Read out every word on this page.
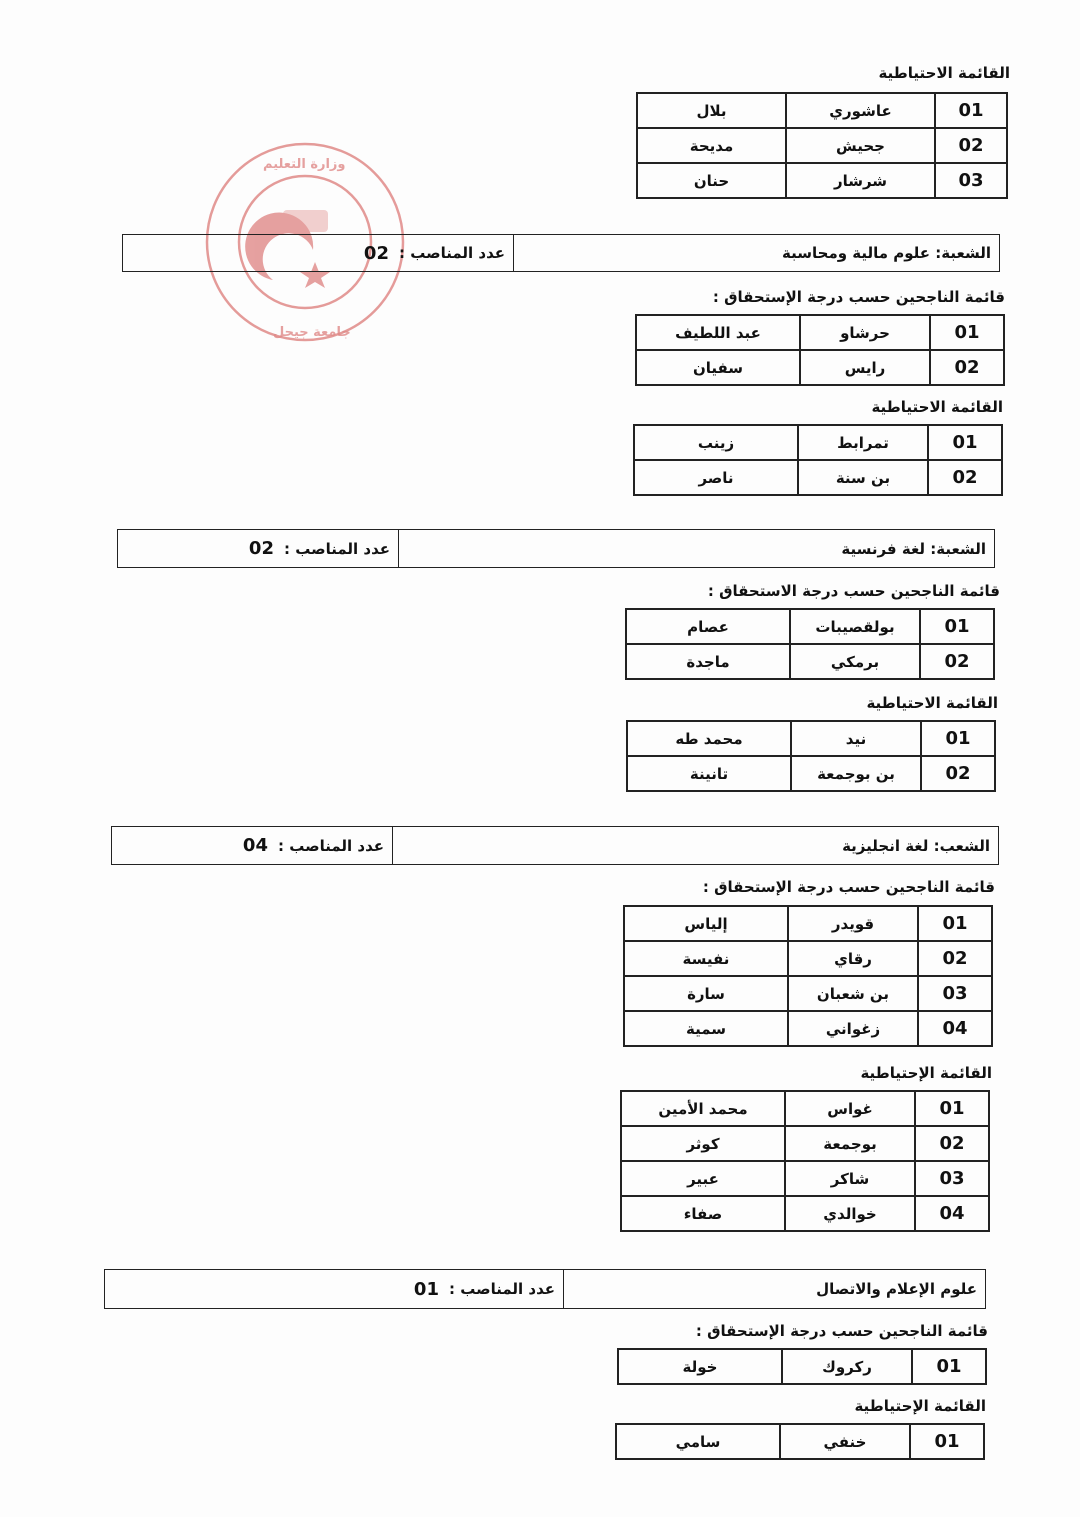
وزارة التعليم
جامعة جيجل
القائمة الاحتياطية
01	عاشوري	بلال
02	جحيش	مديحة
03	شرشار	حنان
الشعبة: علوم مالية ومحاسبة
عدد المناصب :
02
قائمة الناجحين حسب درجة الإستحقاق :
01	حرشاو	عبد اللطيف
02	رايس	سفيان
القائمة الاحتياطية
01	تمرابط	زينب
02	بن سنة	ناصر
الشعبة: لغة فرنسية
عدد المناصب :
02
قائمة الناجحين حسب درجة الاستحقاق :
01	بولقصيبات	عصام
02	برمكي	ماجدة
القائمة الاحتياطية
01	نيد	محمد طه
02	بن بوجمعة	تانينة
الشعب: لغة انجليزية
عدد المناصب :
04
قائمة الناجحين حسب درجة الإستحقاق :
01	قويدر	إلياس
02	رقاي	نفيسة
03	بن شعبان	سارة
04	زغواني	سمية
القائمة الإحتياطية
01	غواس	محمد الأمين
02	بوجمعة	كوثر
03	شاكر	عبير
04	خوالدي	صفاء
علوم الإعلام والاتصال
عدد المناصب :
01
قائمة الناجحين حسب درجة الإستحقاق :
01	ركروك	خولة
القائمة الإحتياطية
01	خنفي	سامي
